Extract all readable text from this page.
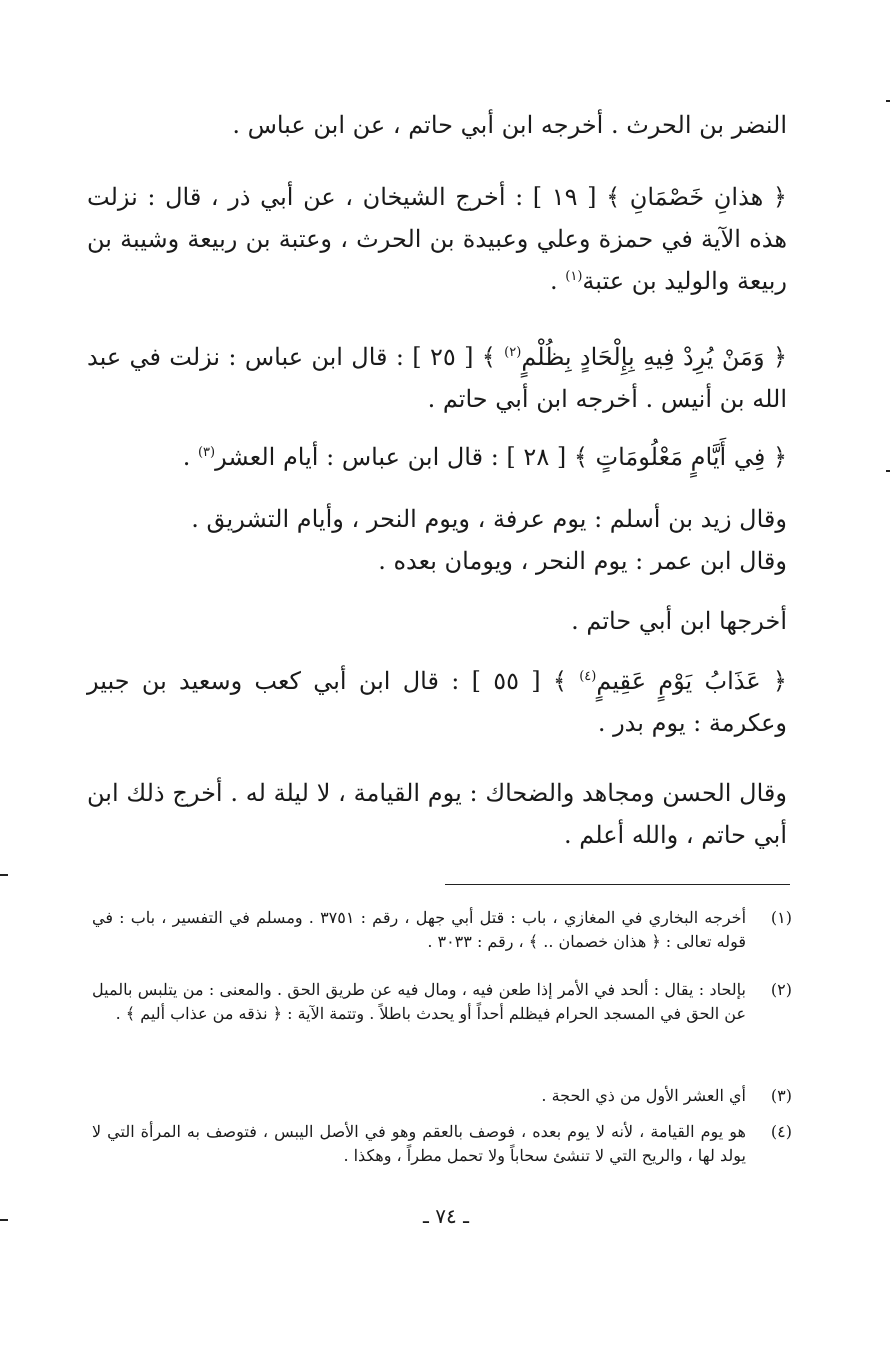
النضر بن الحرث . أخرجه ابن أبي حاتم ، عن ابن عباس .

﴿ هذانِ خَصْمَانِ ﴾ [ ١٩ ] : أخرج الشيخان ، عن أبي ذر ، قال : نزلت هذه الآية في حمزة وعلي وعبيدة بن الحرث ، وعتبة بن ربيعة وشيبة بن ربيعة والوليد بن عتبة$^{(١)}$ .

﴿ وَمَنْ يُرِدْ فِيهِ بِإِلْحَادٍ بِظُلْمٍ$^{(٢)}$ ﴾ [ ٢٥ ] : قال ابن عباس : نزلت في عبد الله بن أنيس . أخرجه ابن أبي حاتم .

﴿ فِي أَيَّامٍ مَعْلُومَاتٍ ﴾ [ ٢٨ ] : قال ابن عباس : أيام العشر$^{(٣)}$ .

وقال زيد بن أسلم : يوم عرفة ، ويوم النحر ، وأيام التشريق .

وقال ابن عمر : يوم النحر ، ويومان بعده .

أخرجها ابن أبي حاتم .

﴿ عَذَابُ يَوْمٍ عَقِيمٍ$^{(٤)}$ ﴾ [ ٥٥ ] : قال ابن أبي كعب وسعيد بن جبير وعكرمة : يوم بدر .

وقال الحسن ومجاهد والضحاك : يوم القيامة ، لا ليلة له . أخرج ذلك ابن أبي حاتم ، والله أعلم .

(١)
أخرجه البخاري في المغازي ، باب : قتل أبي جهل ، رقم : ٣٧٥١ . ومسلم في التفسير ، باب : في قوله تعالى : ﴿ هذان خصمان .. ﴾ ، رقم : ٣٠٣٣ .
(٢)
بإلحاد : يقال : ألحد في الأمر إذا طعن فيه ، ومال فيه عن طريق الحق . والمعنى : من يتلبس بالميل عن الحق في المسجد الحرام فيظلم أحداً أو يحدث باطلاً . وتتمة الآية : ﴿ نذقه من عذاب أليم ﴾ .
(٣)
أي العشر الأول من ذي الحجة .
(٤)
هو يوم القيامة ، لأنه لا يوم بعده ، فوصف بالعقم وهو في الأصل اليبس ، فتوصف به المرأة التي لا يولد لها ، والريح التي لا تنشئ سحاباً ولا تحمل مطراً ، وهكذا .
ـ ٧٤ ـ
